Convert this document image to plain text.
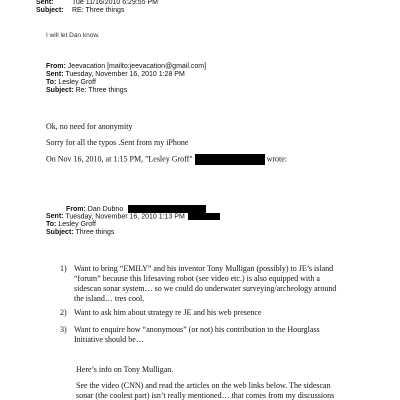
Sent:	Tue 11/16/2010 6:29:55 PM
Subject: RE: Three things
I will let Dan know.
From: Jeevacation [mailto:jeevacation@gmail.com]
Sent: Tuesday, November 16, 2010 1:28 PM
To: Lesley Groff
Subject: Re: Three things
Ok, no need for anonymity
Sorry for all the typos .Sent from my iPhone
On Nov 16, 2010, at 1:15 PM, "Lesley Groff"	wrote:
From: Dan Dubno
Sent: Tuesday, November 16, 2010 1:13 PM
To: Lesley Groff
Subject: Three things
1) Want to bring “EMILY” and his inventor Tony Mulligan (possibly) to JE’s island
“forum” because this lifesaving robot (see video etc.) is also equipped with a
sidescan sonar system… so we could do underwater surveying/archeology around
the island… tres cool.
2) Want to ask him about strategy re JE and his web presence
3) Want to enquire how “anonymous” (or not) his contribution to the Hourglass
Initiative should be…
Here’s info on Tony Mulligan.
See the video (CNN) and read the articles on the web links below. The sidescan
sonar (the coolest part) isn’t really mentioned… that comes from my discussions
